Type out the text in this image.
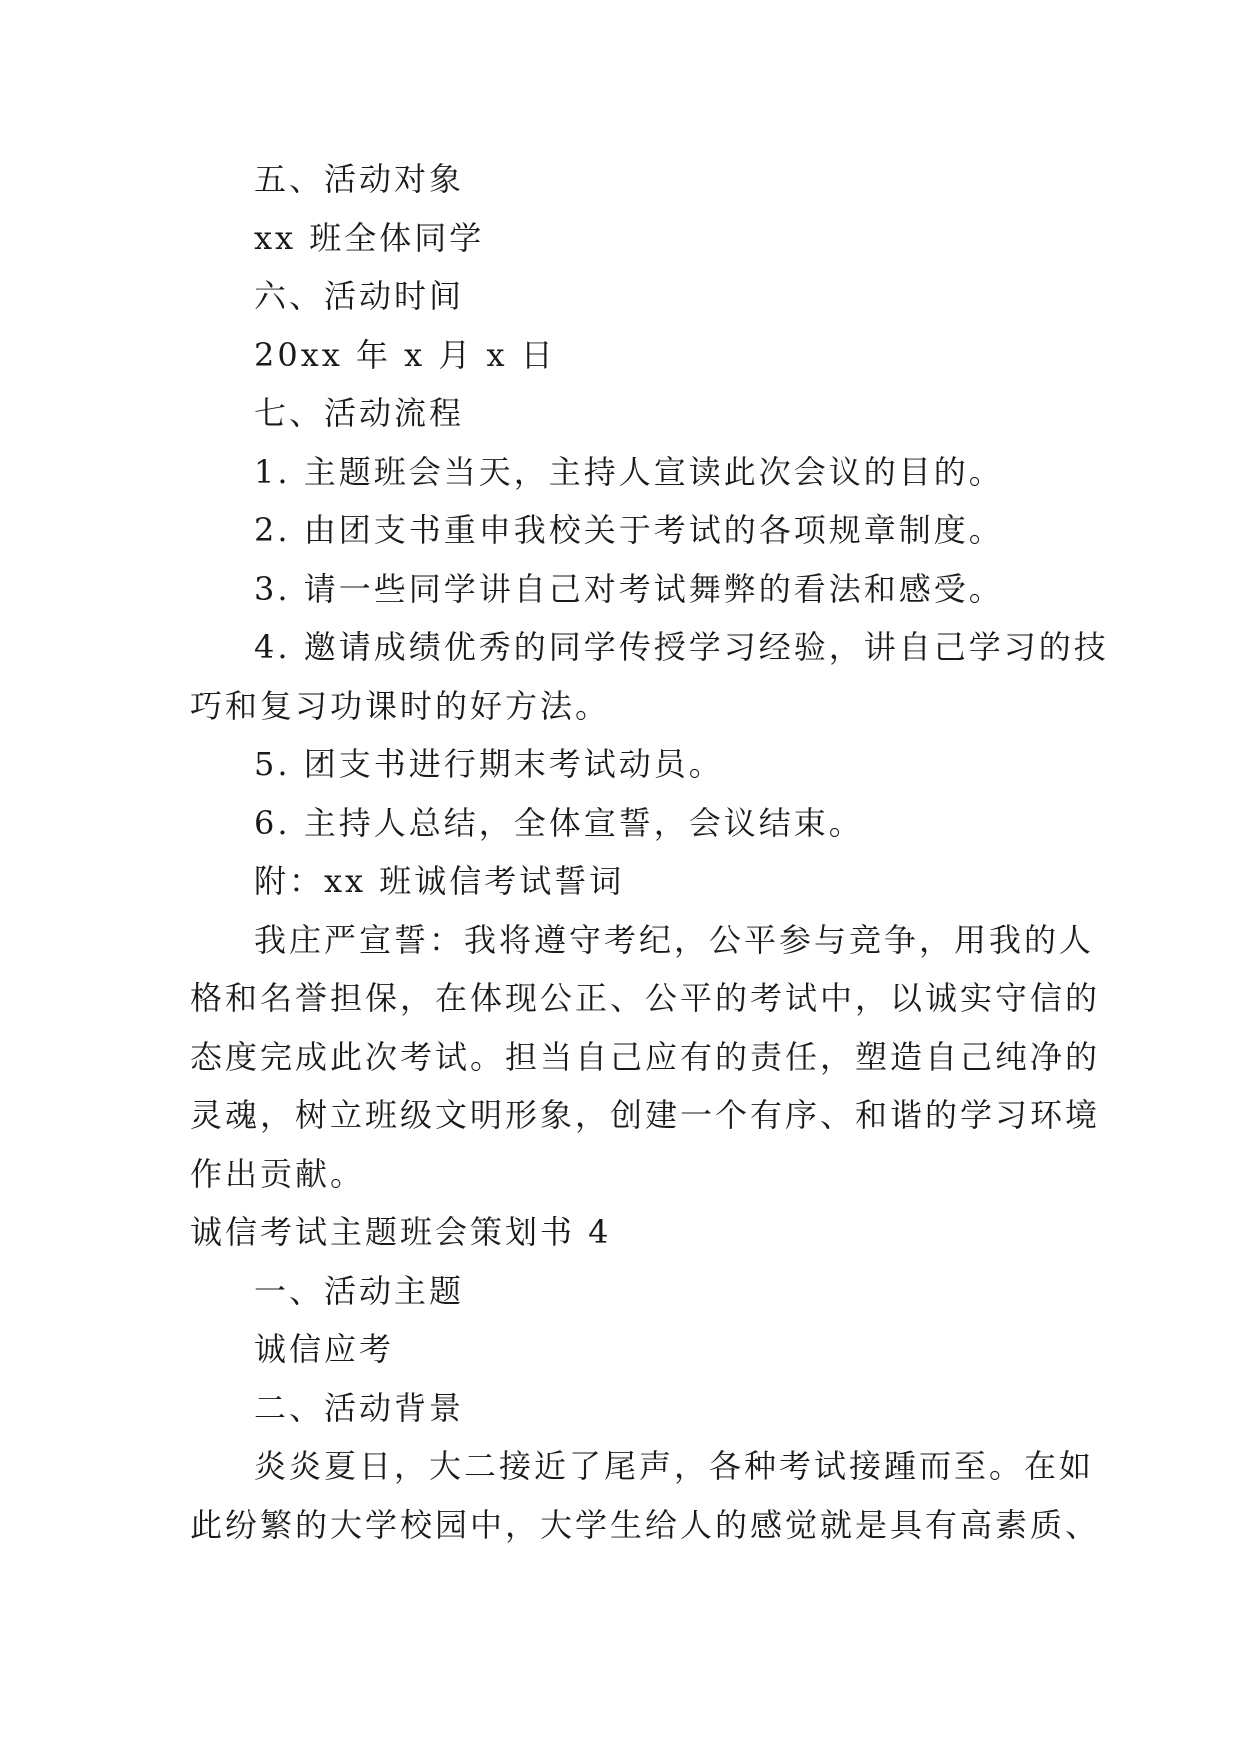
五、活动对象
xx 班全体同学
六、活动时间
20xx 年 x 月 x 日
七、活动流程
1. 主题班会当天，主持人宣读此次会议的目的。
2. 由团支书重申我校关于考试的各项规章制度。
3. 请一些同学讲自己对考试舞弊的看法和感受。
4. 邀请成绩优秀的同学传授学习经验，讲自己学习的技
巧和复习功课时的好方法。
5. 团支书进行期末考试动员。
6. 主持人总结，全体宣誓，会议结束。
附：xx 班诚信考试誓词
我庄严宣誓：我将遵守考纪，公平参与竞争，用我的人
格和名誉担保，在体现公正、公平的考试中，以诚实守信的
态度完成此次考试。担当自己应有的责任，塑造自己纯净的
灵魂，树立班级文明形象，创建一个有序、和谐的学习环境
作出贡献。
诚信考试主题班会策划书 4
一、活动主题
诚信应考
二、活动背景
炎炎夏日，大二接近了尾声，各种考试接踵而至。在如
此纷繁的大学校园中，大学生给人的感觉就是具有高素质、
